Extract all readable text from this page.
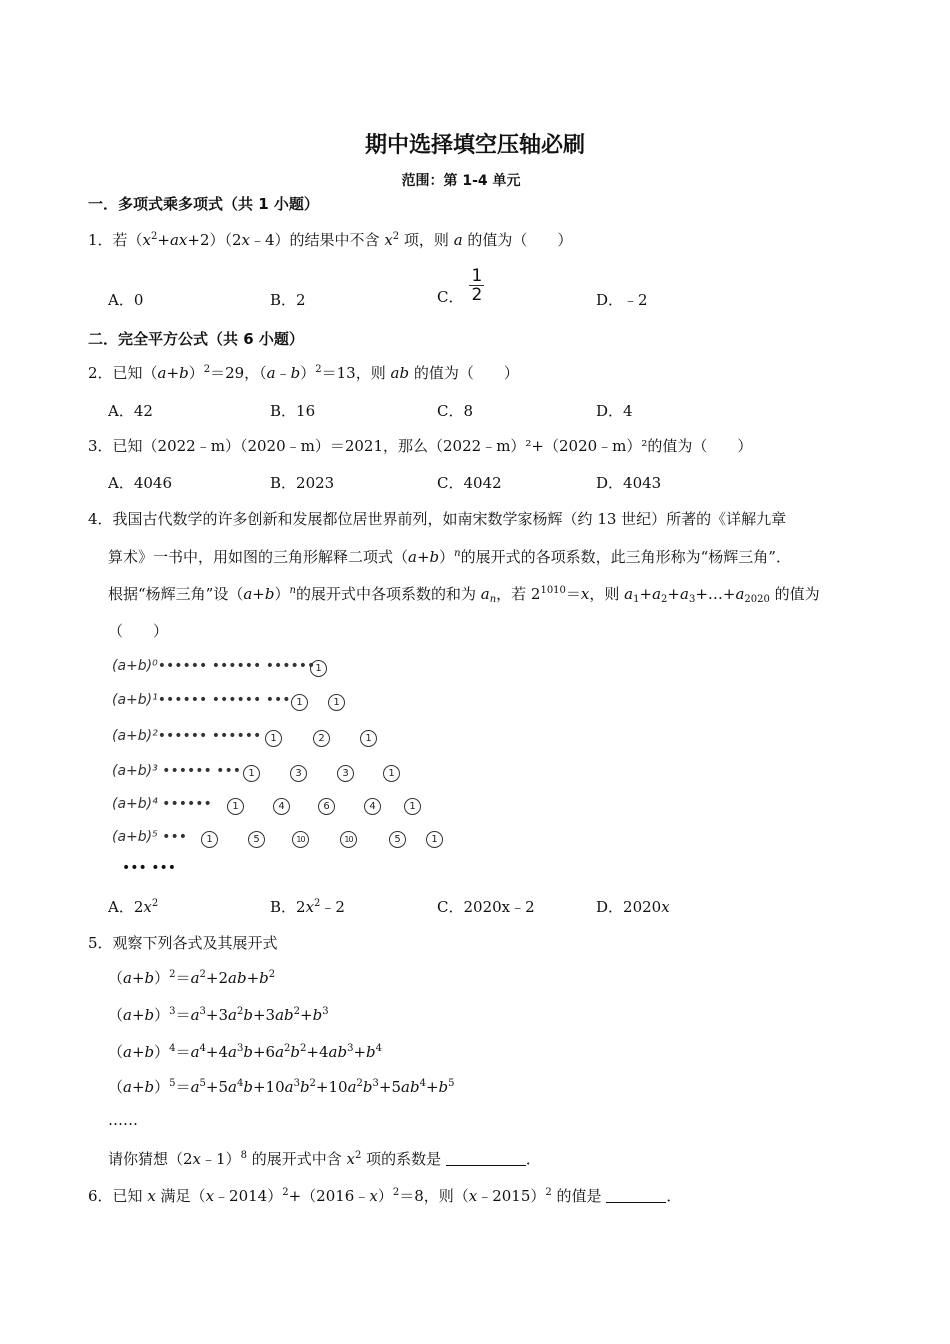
期中选择填空压轴必刷
范围：第 1-4 单元
一．多项式乘多项式（共 1 小题）
1．若$(x^2+ax+2)(2x﹣4)$的结果中不含 $x^2$ 项，则 a 的值为（　　）
A．0	B．2	C． $\frac{1}{2}$	D．﹣2
二．完全平方公式（共 6 小题）
2．已知$(a+b)^2=29$，（a﹣b）$^2$＝13，则 ab 的值为（　　）
A．42	B．16	C．8	D．4
3．已知（2022﹣m）（2020﹣m）＝2021，那么（2022﹣m）²+（2020﹣m）²的值为（　　）
A．4046	B．2023	C．4042	D．4043
4．我国古代数学的许多创新和发展都位居世界前列，如南宋数学家杨辉（约 13 世纪）所著的《详解九章
算术》一书中，用如图的三角形解释二项式$(a+b)^n$的展开式的各项系数，此三角形称为“杨辉三角”．
根据“杨辉三角”设$(a+b)^n$的展开式中各项系数的和为 $a_n$，若 $2^{1010}=x$，则 $a_1+a_2+a_3+\dots+a_{2020}$ 的值为
（　　）
(a+b)⁰•••••• •••••• •••••• 1
(a+b)¹•••••• •••••• ••• 1	1
(a+b)²•••••• •••••• 1	2	1
(a+b)³ •••••• ••• 1	3	3	1
(a+b)⁴ ••••••	1	4	6	4	1
(a+b)⁵ •••	1	5	10	10	5	1
••• •••
A．$2x^2$	B．$2x^2﹣2$	C．2020x﹣2	D．2020x
5．观察下列各式及其展开式
$(a+b)^2=a^2+2ab+b^2$
$(a+b)^3=a^3+3a^2b+3ab^2+b^3$
$(a+b)^4=a^4+4a^3b+6a^2b^2+4ab^3+b^4$
$(a+b)^5=a^5+5a^4b+10a^3b^2+10a^2b^3+5ab^4+b^5$
……
请你猜想（2x﹣1）$^8$ 的展开式中含 $x^2$ 项的系数是	．
6．已知 x 满足（x﹣2014）$^2$+（2016﹣x）$^2$＝8，则（x﹣2015）$^2$ 的值是	．
